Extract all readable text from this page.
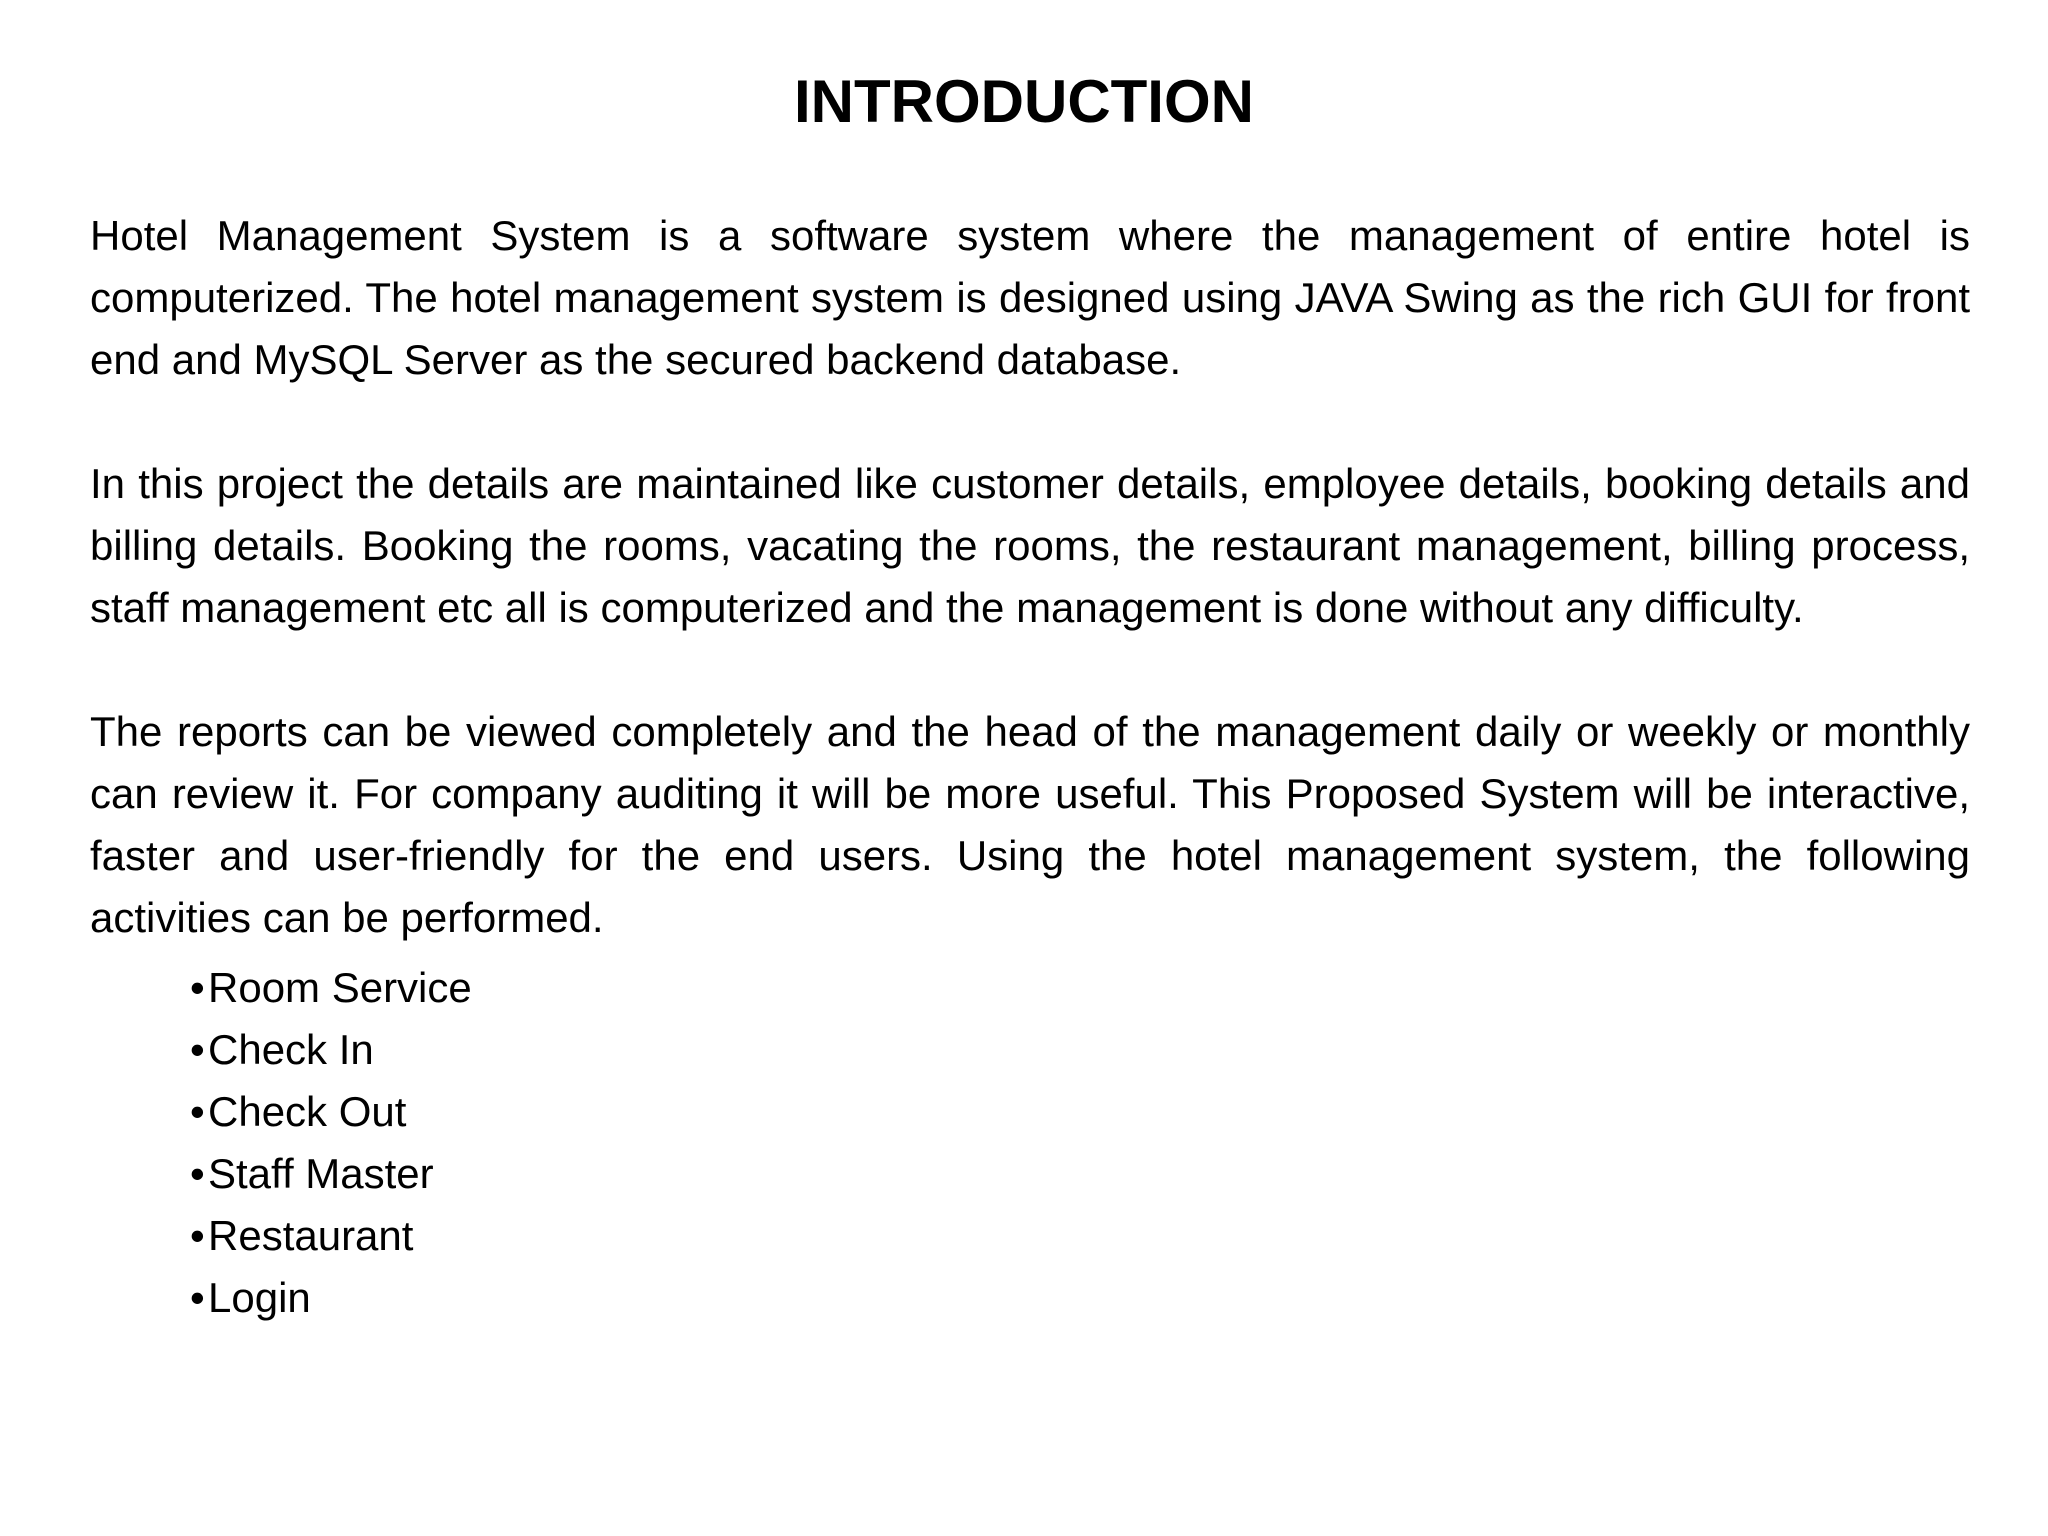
INTRODUCTION

Hotel Management System is a software system where the management of entire hotel is computerized. The hotel management system is designed using JAVA Swing as the rich GUI for front end and MySQL Server as the secured backend database.

In this project the details are maintained like customer details, employee details, booking details and billing details. Booking the rooms, vacating the rooms, the restaurant management, billing process, staff management etc all is computerized and the management is done without any difficulty.

The reports can be viewed completely and the head of the management daily or weekly or monthly can review it. For company auditing it will be more useful. This Proposed System will be interactive, faster and user-friendly for the end users. Using the hotel management system, the following activities can be performed.

• Room Service
• Check In
• Check Out
• Staff Master
• Restaurant
• Login
